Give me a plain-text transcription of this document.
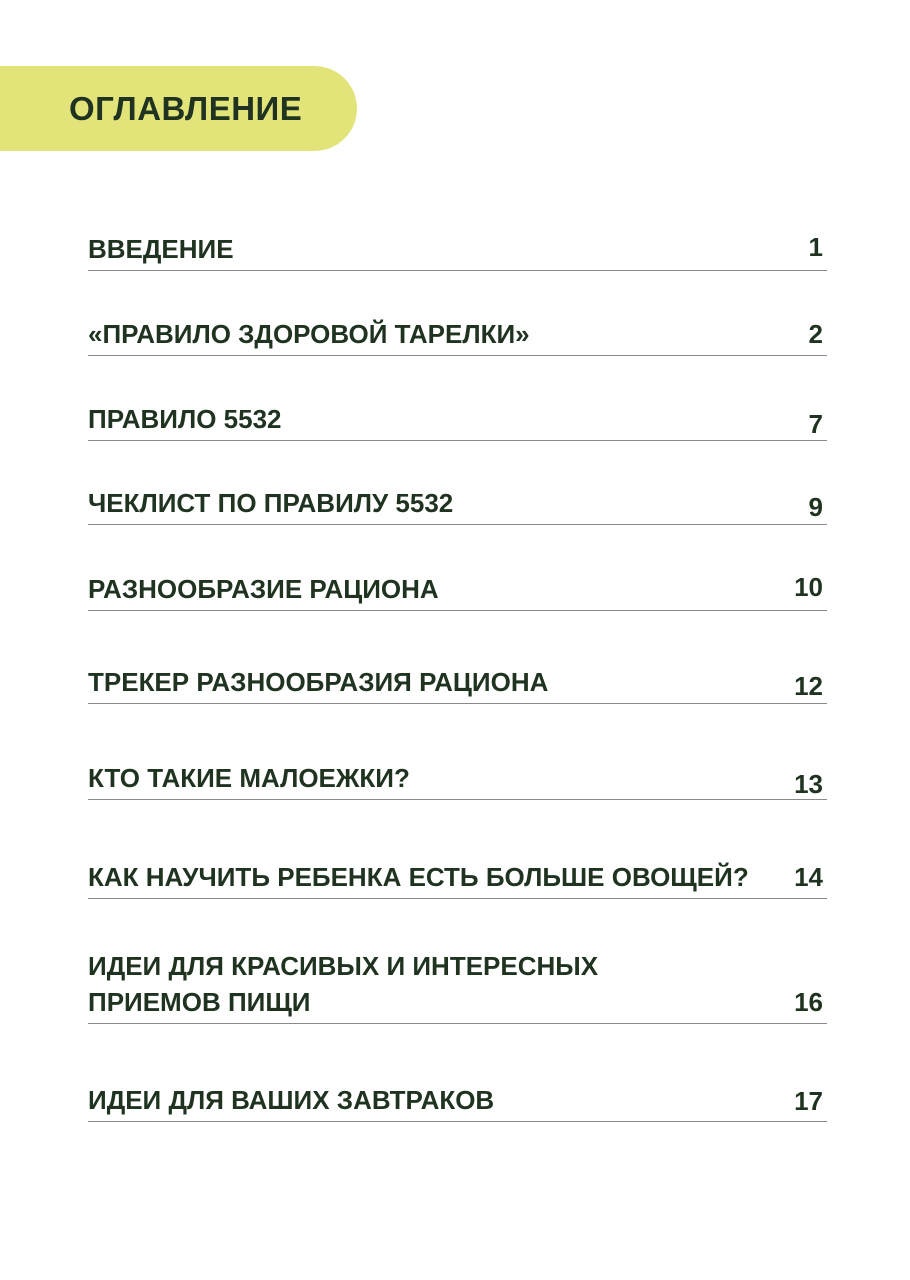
ОГЛАВЛЕНИЕ
ВВЕДЕНИЕ	1
«ПРАВИЛО ЗДОРОВОЙ ТАРЕЛКИ»	2
ПРАВИЛО 5532	7
ЧЕКЛИСТ ПО ПРАВИЛУ 5532	9
РАЗНООБРАЗИЕ РАЦИОНА	10
ТРЕКЕР РАЗНООБРАЗИЯ РАЦИОНА	12
КТО ТАКИЕ МАЛОЕЖКИ?	13
КАК НАУЧИТЬ РЕБЕНКА ЕСТЬ БОЛЬШЕ ОВОЩЕЙ? 14
ИДЕИ ДЛЯ КРАСИВЫХ И ИНТЕРЕСНЫХ
ПРИЕМОВ ПИЩИ	16
ИДЕИ ДЛЯ ВАШИХ ЗАВТРАКОВ	17
